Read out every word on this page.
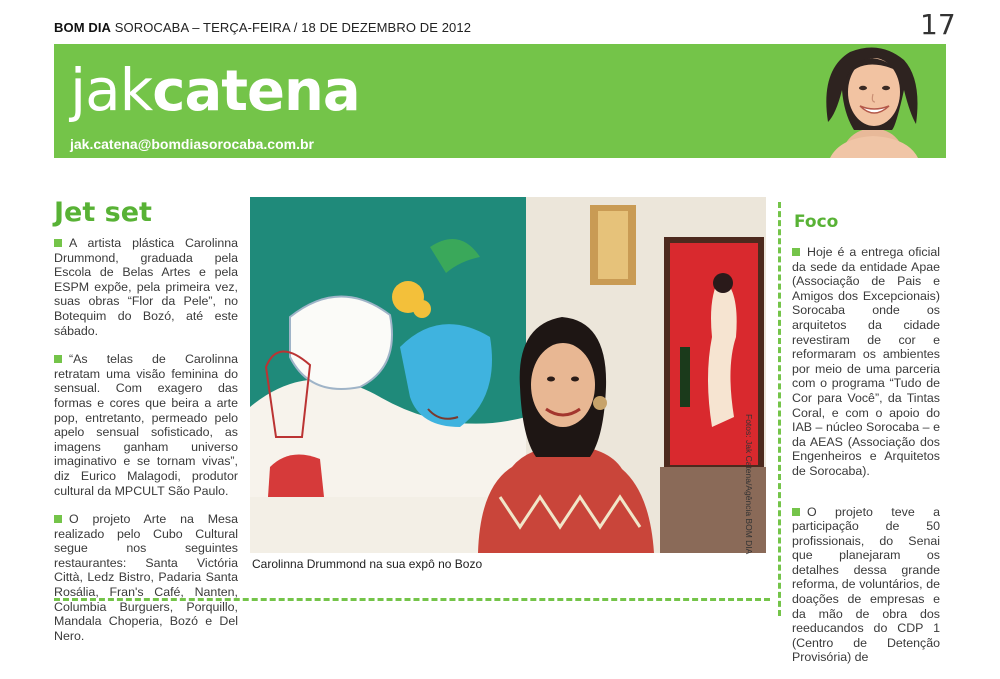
BOM DIA SOROCABA – TERÇA-FEIRA / 18 DE DEZEMBRO DE 2012	17
jakcatena
jak.catena@bomdiasorocaba.com.br
Jet set

A artista plástica Carolinna Drummond, graduada pela Escola de Belas Artes e pela ESPM expõe, pela primeira vez, suas obras “Flor da Pele”, no Botequim do Bozó, até este sábado.

“As telas de Carolinna retratam uma visão feminina do sensual. Com exagero das formas e cores que beira a arte pop, entretanto, permeado pelo apelo sensual sofisticado, as imagens ganham universo imaginativo e se tornam vivas”, diz Eurico Malagodi, produtor cultural da MPCULT São Paulo.

O projeto Arte na Mesa realizado pelo Cubo Cultural segue nos seguintes restaurantes: Santa Victória Città, Ledz Bistro, Padaria Santa Rosália, Fran's Café, Nanten, Columbia Burguers, Porquillo, Mandala Choperia, Bozó e Del Nero.

Fotos: Jak Catena/Agência BOM DIA
Carolinna Drummond na sua expô no Bozo
Foco

Hoje é a entrega oficial da sede da entidade Apae (Associação de Pais e Amigos dos Excepcionais) Sorocaba onde os arquitetos da cidade revestiram de cor e reformaram os ambientes por meio de uma parceria com o programa “Tudo de Cor para Você”, da Tintas Coral, e com o apoio do IAB – núcleo Sorocaba – e da AEAS (Associação dos Engenheiros e Arquitetos de Sorocaba).

O projeto teve a participação de 50 profissionais, do Senai que planejaram os detalhes dessa grande reforma, de voluntários, de doações de empresas e da mão de obra dos reeducandos do CDP 1 (Centro de Detenção Provisória) de
